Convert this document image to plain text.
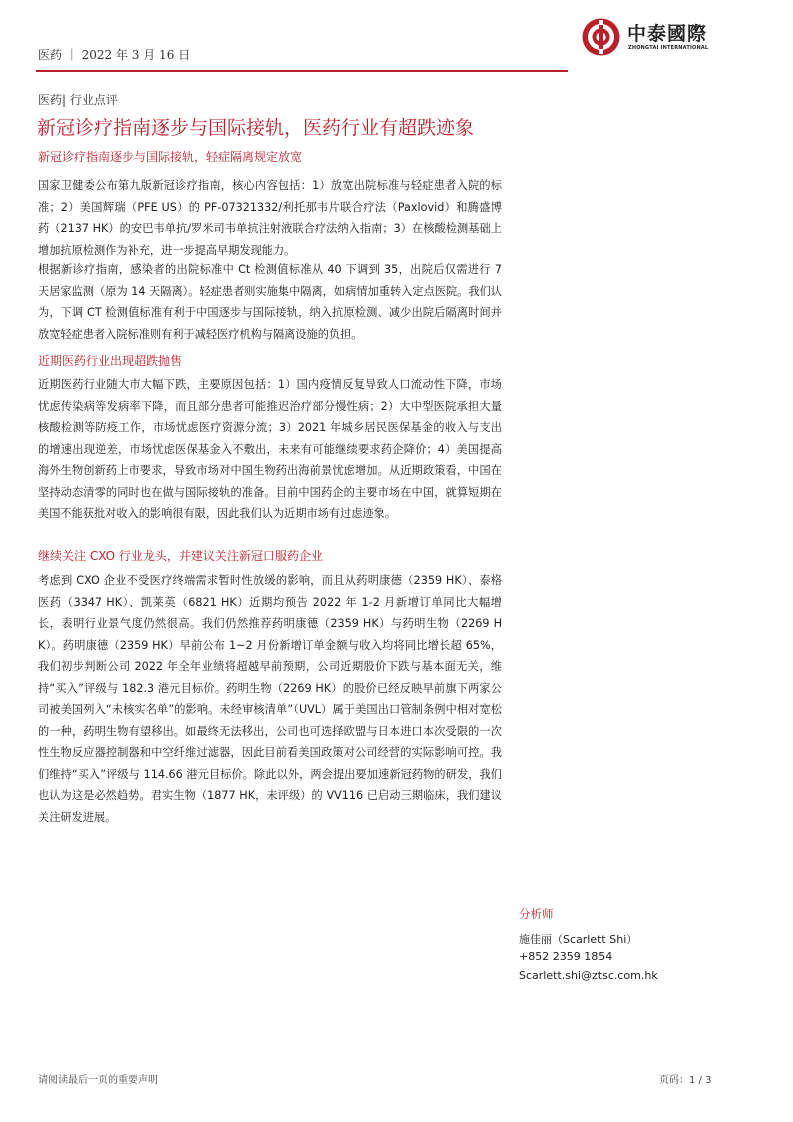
医药 ｜ 2022 年 3 月 16 日
中泰國際
ZHONGTAI INTERNATIONAL
医药| 行业点评
新冠诊疗指南逐步与国际接轨，医药行业有超跌迹象
新冠诊疗指南逐步与国际接轨，轻症隔离规定放宽

国家卫健委公布第九版新冠诊疗指南，核心内容包括：1）放宽出院标准与轻症患者入院的标准；2）美国辉瑞（PFE US）的 PF-07321332/利托那韦片联合疗法（Paxlovid）和腾盛博药（2137 HK）的安巴韦单抗/罗米司韦单抗注射液联合疗法纳入指南；3）在核酸检测基础上增加抗原检测作为补充，进一步提高早期发现能力。

根据新诊疗指南，感染者的出院标准中 Ct 检测值标准从 40 下调到 35，出院后仅需进行 7 天居家监测（原为 14 天隔离）。轻症患者则实施集中隔离，如病情加重转入定点医院。我们认为，下调 CT 检测值标准有利于中国逐步与国际接轨，纳入抗原检测、减少出院后隔离时间并放宽轻症患者入院标准则有利于减轻医疗机构与隔离设施的负担。

近期医药行业出现超跌抛售

近期医药行业随大市大幅下跌，主要原因包括：1）国内疫情反复导致人口流动性下降，市场忧虑传染病等发病率下降，而且部分患者可能推迟治疗部分慢性病；2）大中型医院承担大量核酸检测等防疫工作，市场忧虑医疗资源分流；3）2021 年城乡居民医保基金的收入与支出的增速出现逆差，市场忧虑医保基金入不敷出，未来有可能继续要求药企降价；4）美国提高海外生物创新药上市要求，导致市场对中国生物药出海前景忧虑增加。从近期政策看，中国在坚持动态清零的同时也在做与国际接轨的准备。目前中国药企的主要市场在中国，就算短期在美国不能获批对收入的影响很有限，因此我们认为近期市场有过虑迹象。

继续关注 CXO 行业龙头，并建议关注新冠口服药企业

考虑到 CXO 企业不受医疗终端需求暂时性放缓的影响，而且从药明康德（2359 HK）、泰格医药（3347 HK）、凯莱英（6821 HK）近期均预告 2022 年 1-2 月新增订单同比大幅增长，表明行业景气度仍然很高。我们仍然推荐药明康德（2359 HK）与药明生物（2269 HK）。药明康德（2359 HK）早前公布 1~2 月份新增订单金额与收入均将同比增长超 65%，我们初步判断公司 2022 年全年业绩将超越早前预期，公司近期股价下跌与基本面无关，维持“买入”评级与 182.3 港元目标价。药明生物（2269 HK）的股价已经反映早前旗下两家公司被美国列入“未核实名单”的影响。未经审核清单”（UVL）属于美国出口管制条例中相对宽松的一种，药明生物有望移出。如最终无法移出，公司也可选择欧盟与日本进口本次受限的一次性生物反应器控制器和中空纤维过滤器，因此目前看美国政策对公司经营的实际影响可控。我们维持“买入”评级与 114.66 港元目标价。除此以外，两会提出要加速新冠药物的研发，我们也认为这是必然趋势。君实生物（1877 HK，未评级）的 VV116 已启动三期临床，我们建议关注研发进展。

分析师
施佳丽（Scarlett Shi）
+852 2359 1854
Scarlett.shi@ztsc.com.hk
请阅读最后一页的重要声明	页码：1 / 3
